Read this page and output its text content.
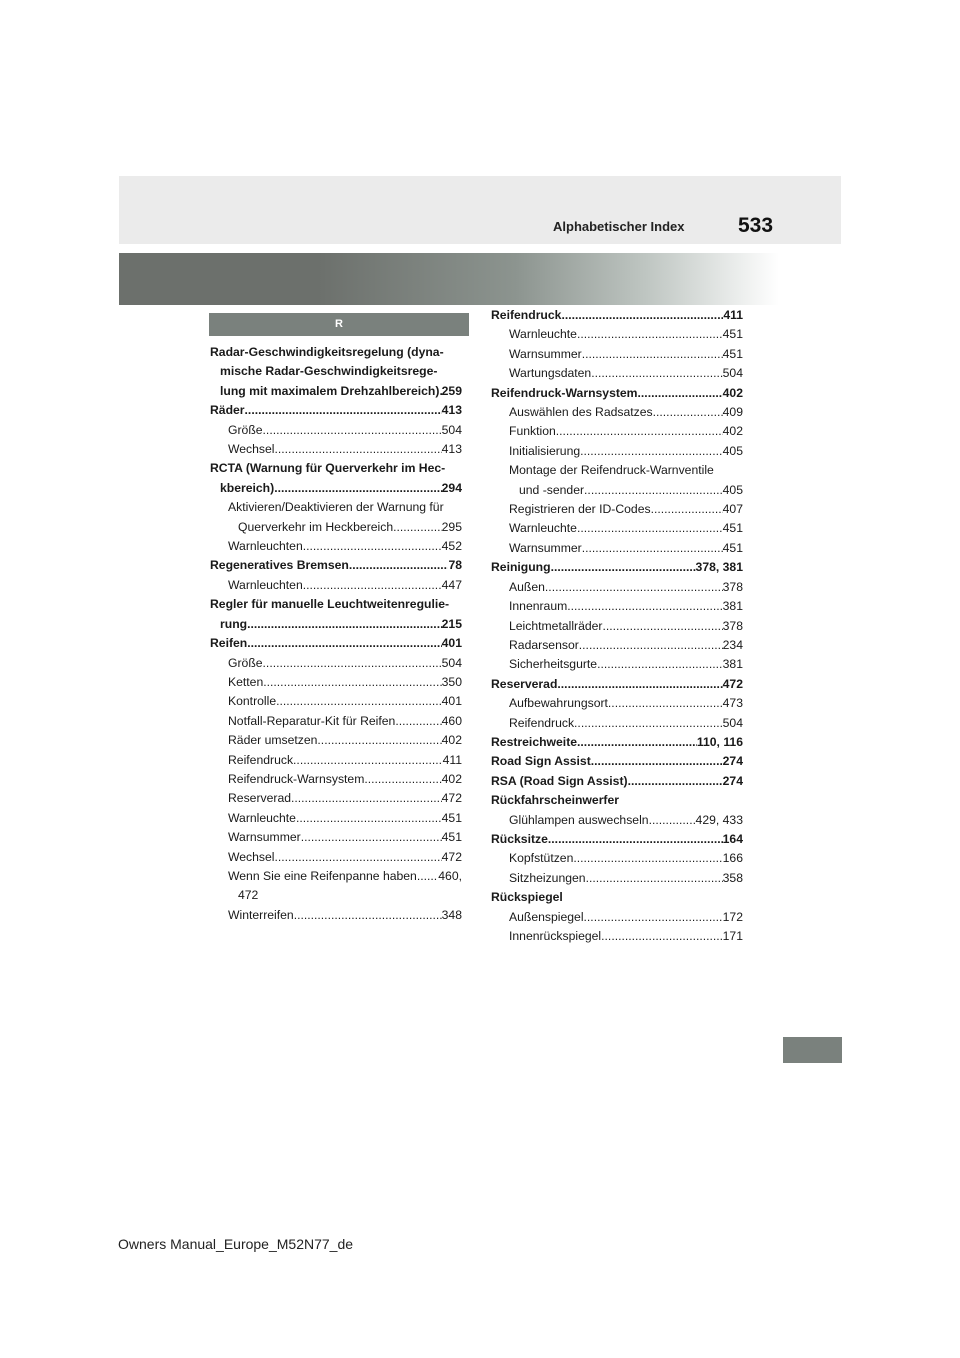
Alphabetischer Index	533
R
Radar-Geschwindigkeitsregelung (dyna-
mische Radar-Geschwindigkeitsrege-
lung mit maximalem Drehzahlbereich) ..... 259
Räder .....	413
Größe .....	504
Wechsel .....	413
RCTA (Warnung für Querverkehr im Hec-
kbereich) .....	294
Aktivieren/Deaktivieren der Warnung für
Querverkehr im Heckbereich .....	295
Warnleuchten .....	452
Regeneratives Bremsen .....	78
Warnleuchten .....	447
Regler für manuelle Leuchtweitenregulie-
rung .....	215
Reifen .....	401
Größe .....	504
Ketten .....	350
Kontrolle .....	401
Notfall-Reparatur-Kit für Reifen .....	460
Räder umsetzen .....	402
Reifendruck .....	411
Reifendruck-Warnsystem .....	402
Reserverad .....	472
Warnleuchte .....	451
Warnsummer .....	451
Wechsel .....	472
Wenn Sie eine Reifenpanne haben ..... 460,
472
Winterreifen .....	348
Reifendruck .....	411
Warnleuchte .....	451
Warnsummer .....	451
Wartungsdaten .....	504
Reifendruck-Warnsystem .....	402
Auswählen des Radsatzes .....	409
Funktion .....	402
Initialisierung .....	405
Montage der Reifendruck-Warnventile
und -sender .....	405
Registrieren der ID-Codes .....	407
Warnleuchte .....	451
Warnsummer .....	451
Reinigung .....	378, 381
Außen .....	378
Innenraum .....	381
Leichtmetallräder .....	378
Radarsensor .....	234
Sicherheitsgurte .....	381
Reserverad .....	472
Aufbewahrungsort .....	473
Reifendruck .....	504
Restreichweite .....	110, 116
Road Sign Assist .....	274
RSA (Road Sign Assist) .....	274
Rückfahrscheinwerfer
Glühlampen auswechseln .....	429, 433
Rücksitze .....	164
Kopfstützen .....	166
Sitzheizungen .....	358
Rückspiegel
Außenspiegel .....	172
Innenrückspiegel .....	171
Owners Manual_Europe_M52N77_de
